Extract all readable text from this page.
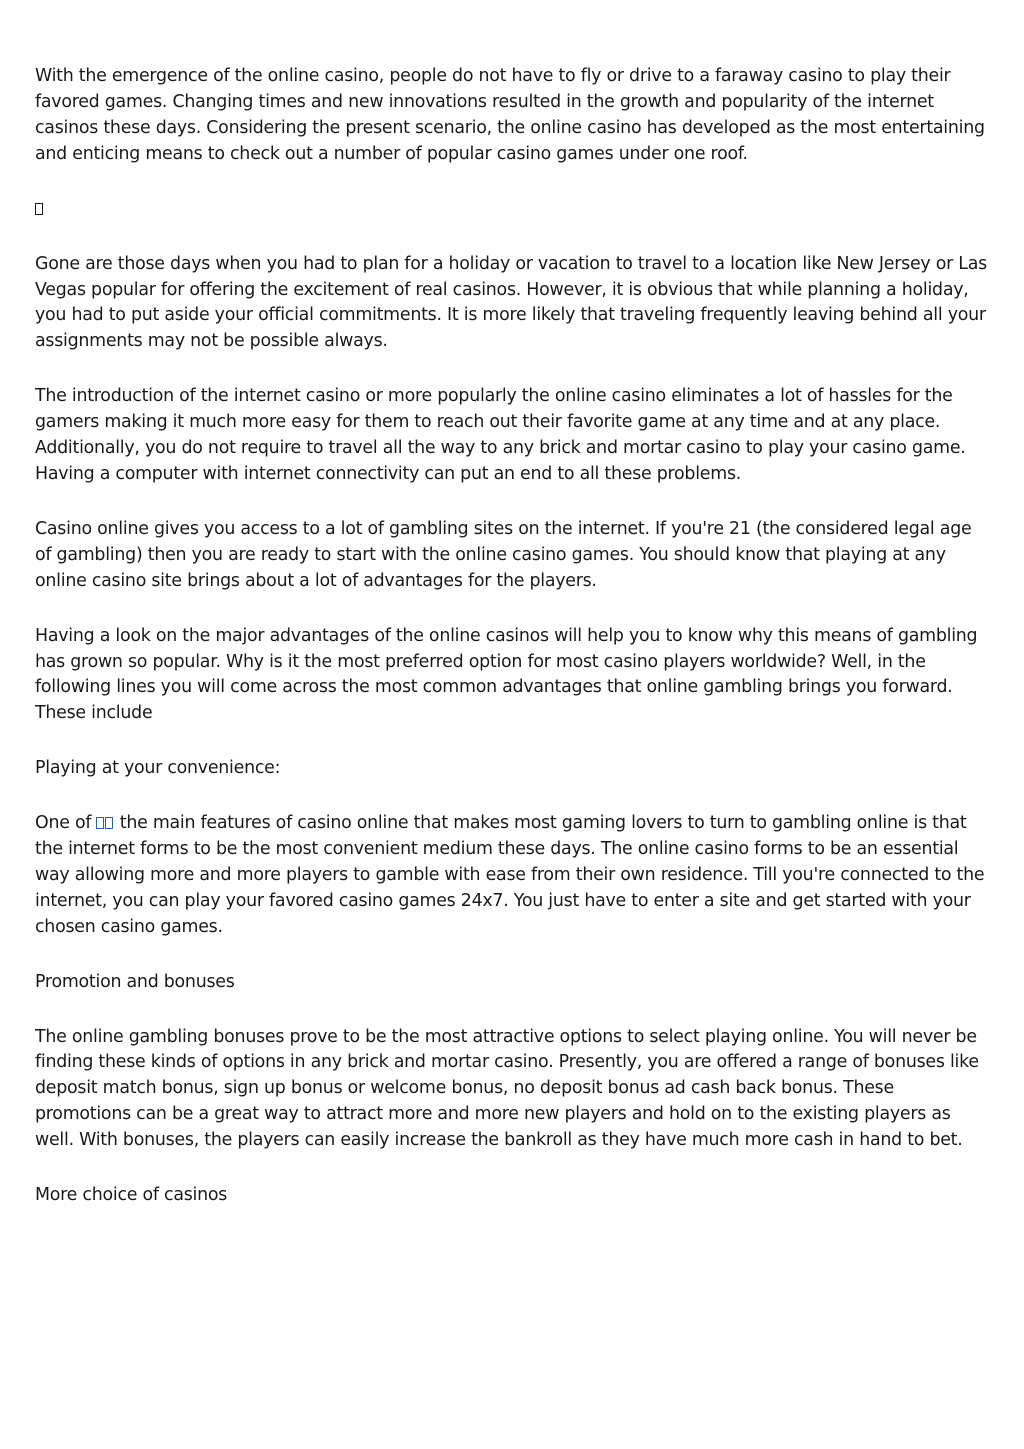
With the emergence of the online casino, people do not have to fly or drive to a faraway casino to play their favored games. Changing times and new innovations resulted in the growth and popularity of the internet casinos these days. Considering the present scenario, the online casino has developed as the most entertaining and enticing means to check out a number of popular casino games under one roof.

Gone are those days when you had to plan for a holiday or vacation to travel to a location like New Jersey or Las Vegas popular for offering the excitement of real casinos. However, it is obvious that while planning a holiday, you had to put aside your official commitments. It is more likely that traveling frequently leaving behind all your assignments may not be possible always.

The introduction of the internet casino or more popularly the online casino eliminates a lot of hassles for the gamers making it much more easy for them to reach out their favorite game at any time and at any place. Additionally, you do not require to travel all the way to any brick and mortar casino to play your casino game. Having a computer with internet connectivity can put an end to all these problems.

Casino online gives you access to a lot of gambling sites on the internet. If you're 21 (the considered legal age of gambling) then you are ready to start with the online casino games. You should know that playing at any online casino site brings about a lot of advantages for the players.

Having a look on the major advantages of the online casinos will help you to know why this means of gambling has grown so popular. Why is it the most preferred option for most casino players worldwide? Well, in the following lines you will come across the most common advantages that online gambling brings you forward. These include

Playing at your convenience:

One of  the main features of casino online that makes most gaming lovers to turn to gambling online is that the internet forms to be the most convenient medium these days. The online casino forms to be an essential way allowing more and more players to gamble with ease from their own residence. Till you're connected to the internet, you can play your favored casino games 24x7. You just have to enter a site and get started with your chosen casino games.

Promotion and bonuses

The online gambling bonuses prove to be the most attractive options to select playing online. You will never be finding these kinds of options in any brick and mortar casino. Presently, you are offered a range of bonuses like deposit match bonus, sign up bonus or welcome bonus, no deposit bonus ad cash back bonus. These promotions can be a great way to attract more and more new players and hold on to the existing players as well. With bonuses, the players can easily increase the bankroll as they have much more cash in hand to bet.

More choice of casinos
